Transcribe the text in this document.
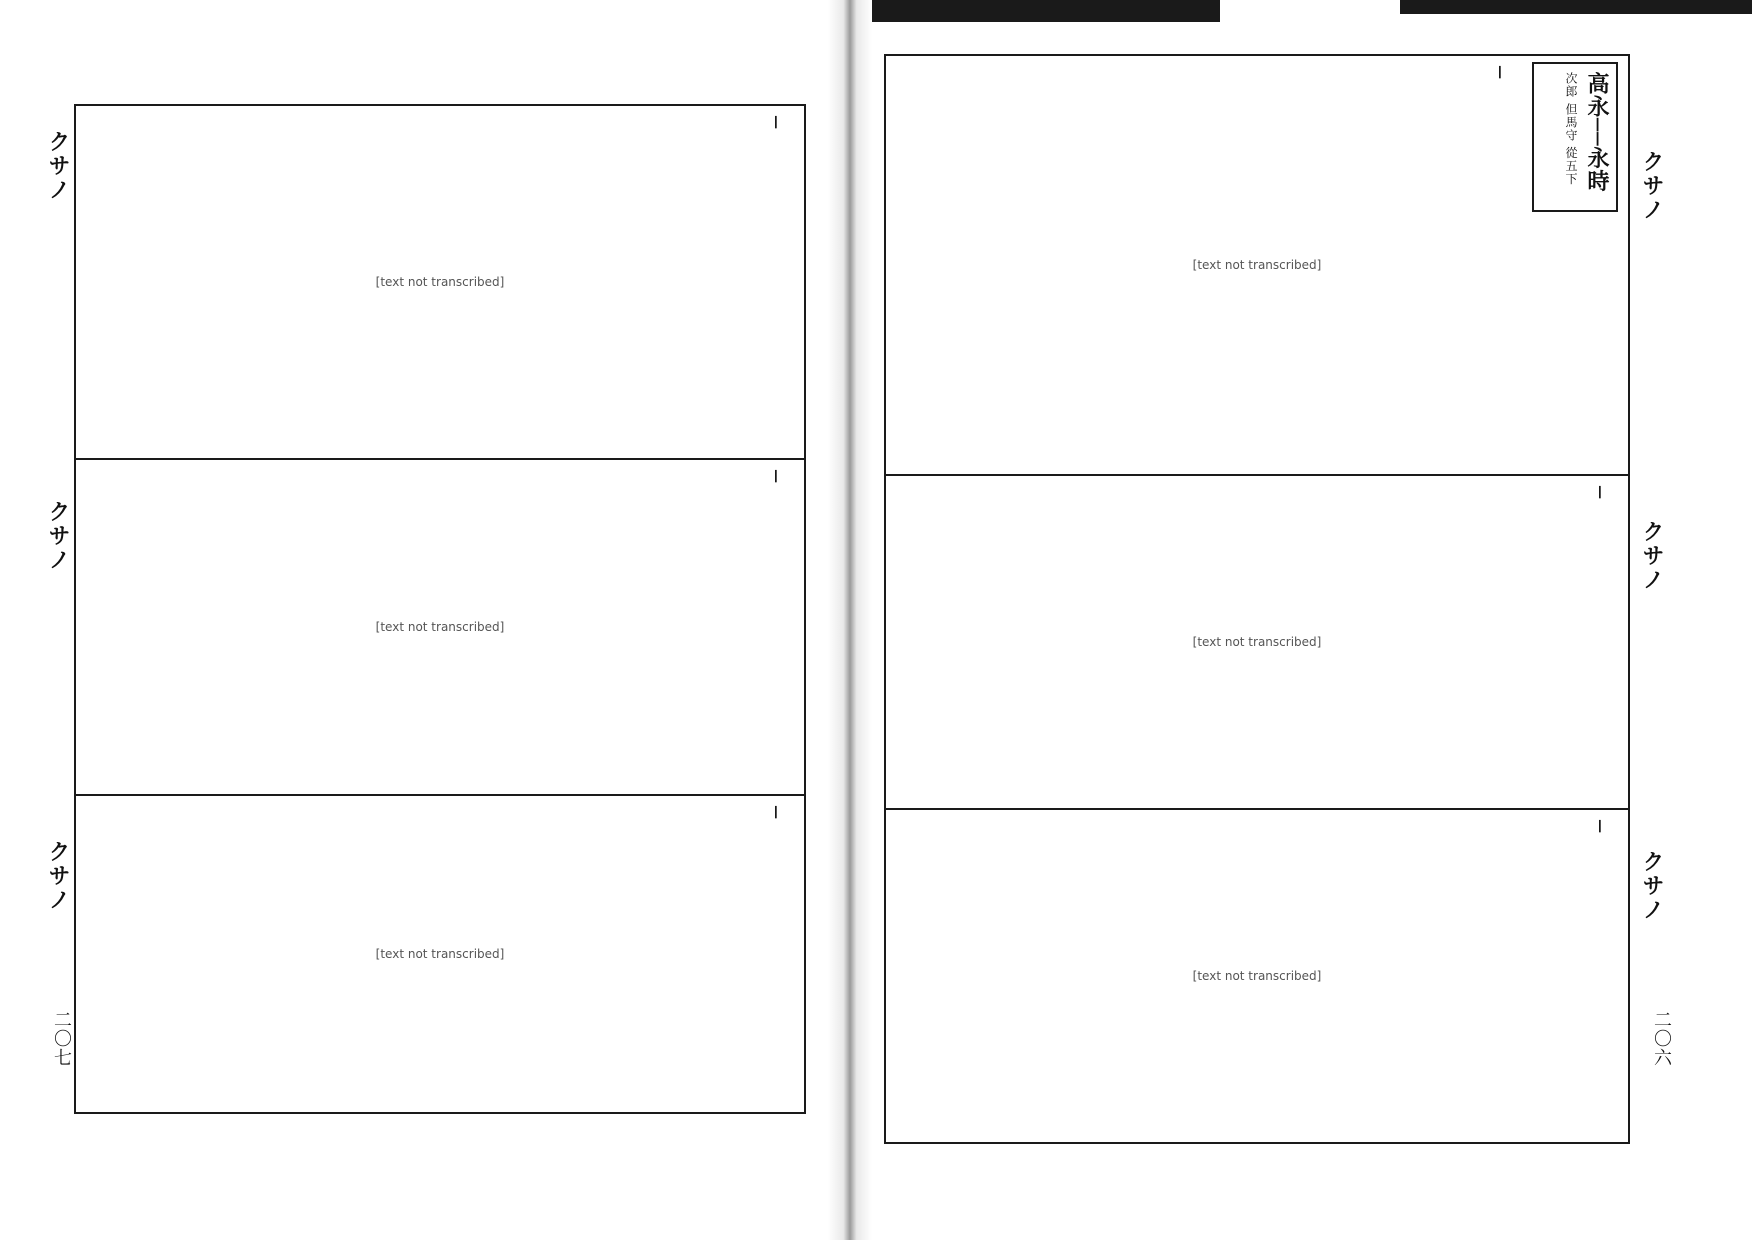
高永──永時
次郎 但馬守 從五下
─
[text not transcribed]
─
[text not transcribed]
─
[text not transcribed]
クサノ
クサノ
クサノ
二〇六
─
[text not transcribed]
─
[text not transcribed]
─
[text not transcribed]
クサノ
クサノ
クサノ
二〇七
